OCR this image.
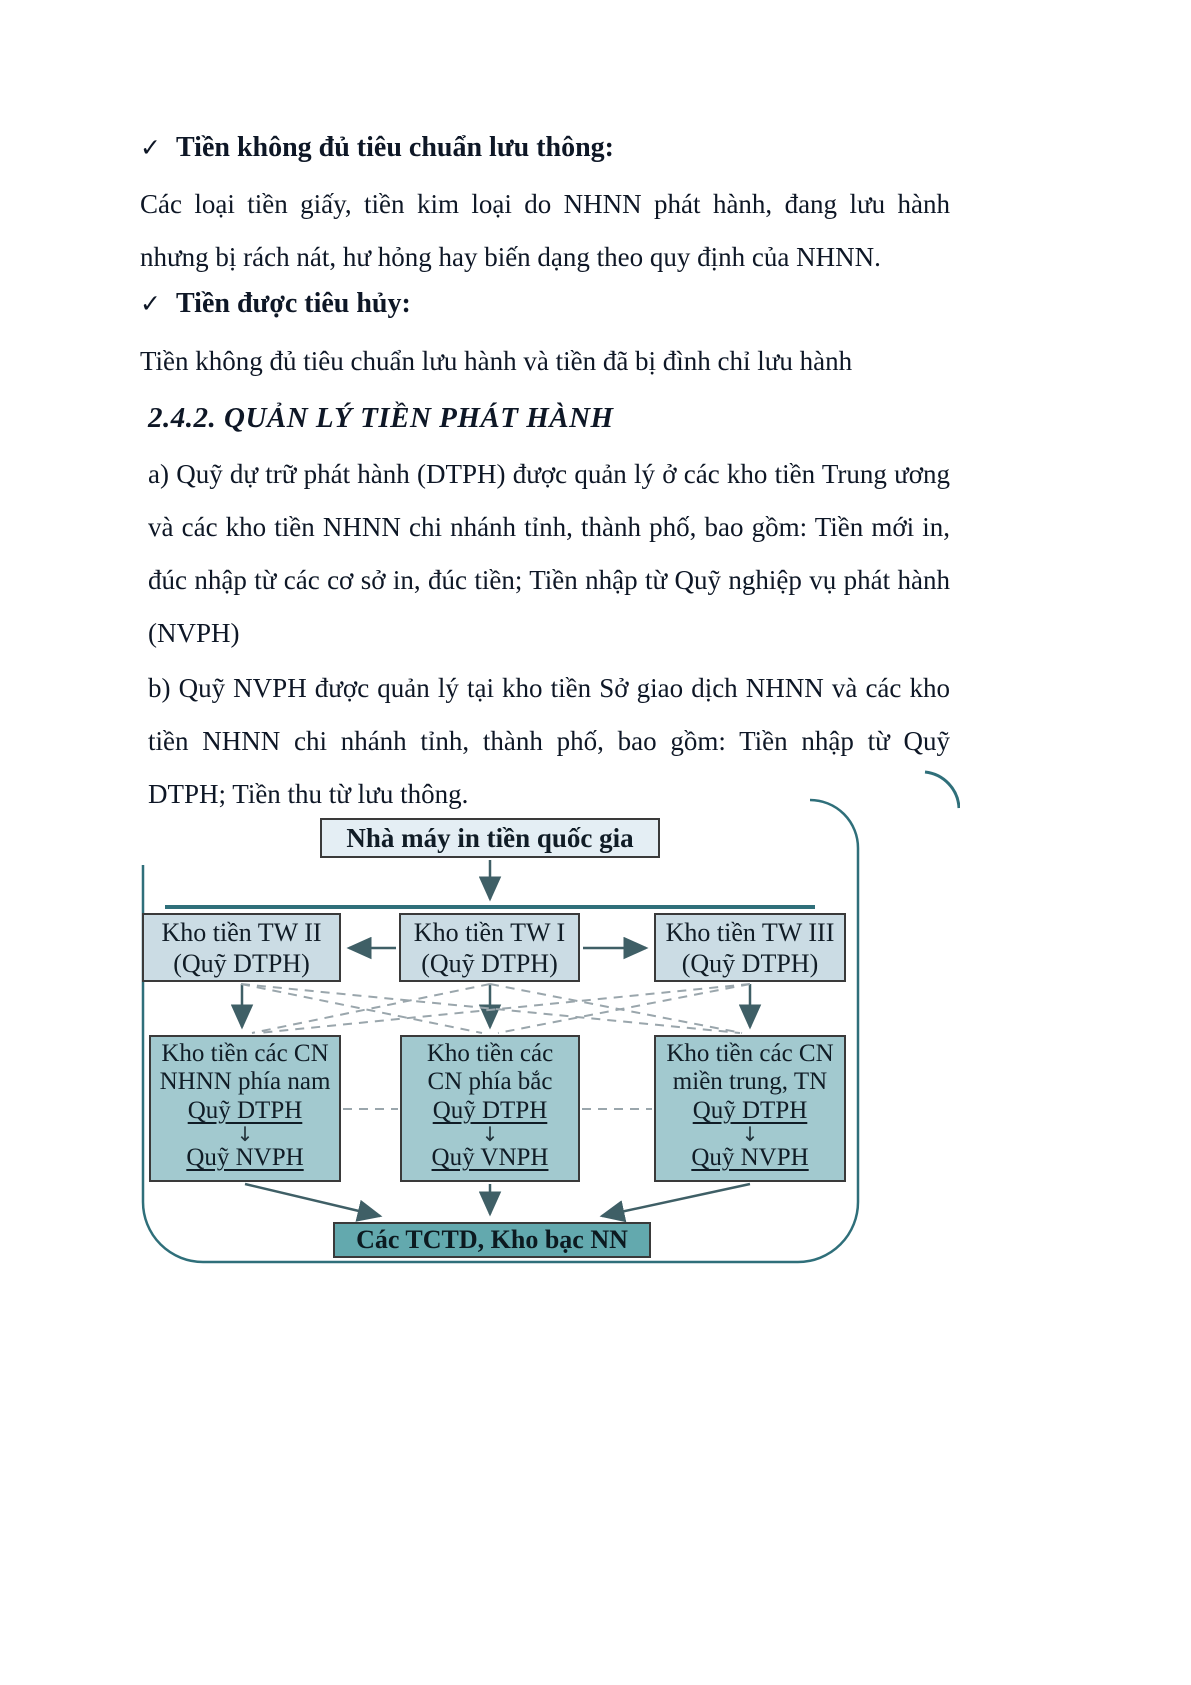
✓ Tiền không đủ tiêu chuẩn lưu thông:

Các loại tiền giấy, tiền kim loại do NHNN phát hành, đang lưu hành nhưng bị rách nát, hư hỏng hay biến dạng theo quy định của NHNN.

✓ Tiền được tiêu hủy:

Tiền không đủ tiêu chuẩn lưu hành và tiền đã bị đình chỉ lưu hành

2.4.2. QUẢN LÝ TIỀN PHÁT HÀNH

a) Quỹ dự trữ phát hành (DTPH) được quản lý ở các kho tiền Trung ương và các kho tiền NHNN chi nhánh tỉnh, thành phố, bao gồm: Tiền mới in, đúc nhập từ các cơ sở in, đúc tiền; Tiền nhập từ Quỹ nghiệp vụ phát hành (NVPH)

b) Quỹ NVPH được quản lý tại kho tiền Sở giao dịch NHNN và các kho tiền NHNN chi nhánh tỉnh, thành phố, bao gồm: Tiền nhập từ Quỹ DTPH; Tiền thu từ lưu thông.

Nhà máy in tiền quốc gia
Kho tiền TW II
(Quỹ DTPH)
Kho tiền TW I
(Quỹ DTPH)
Kho tiền TW III
(Quỹ DTPH)
Kho tiền các CN
NHNN phía nam
Quỹ DTPH
↓
Quỹ NVPH
Kho tiền các
CN phía bắc
Quỹ DTPH
↓
Quỹ VNPH
Kho tiền các CN
miền trung, TN
Quỹ DTPH
↓
Quỹ NVPH
Các TCTD, Kho bạc NN
